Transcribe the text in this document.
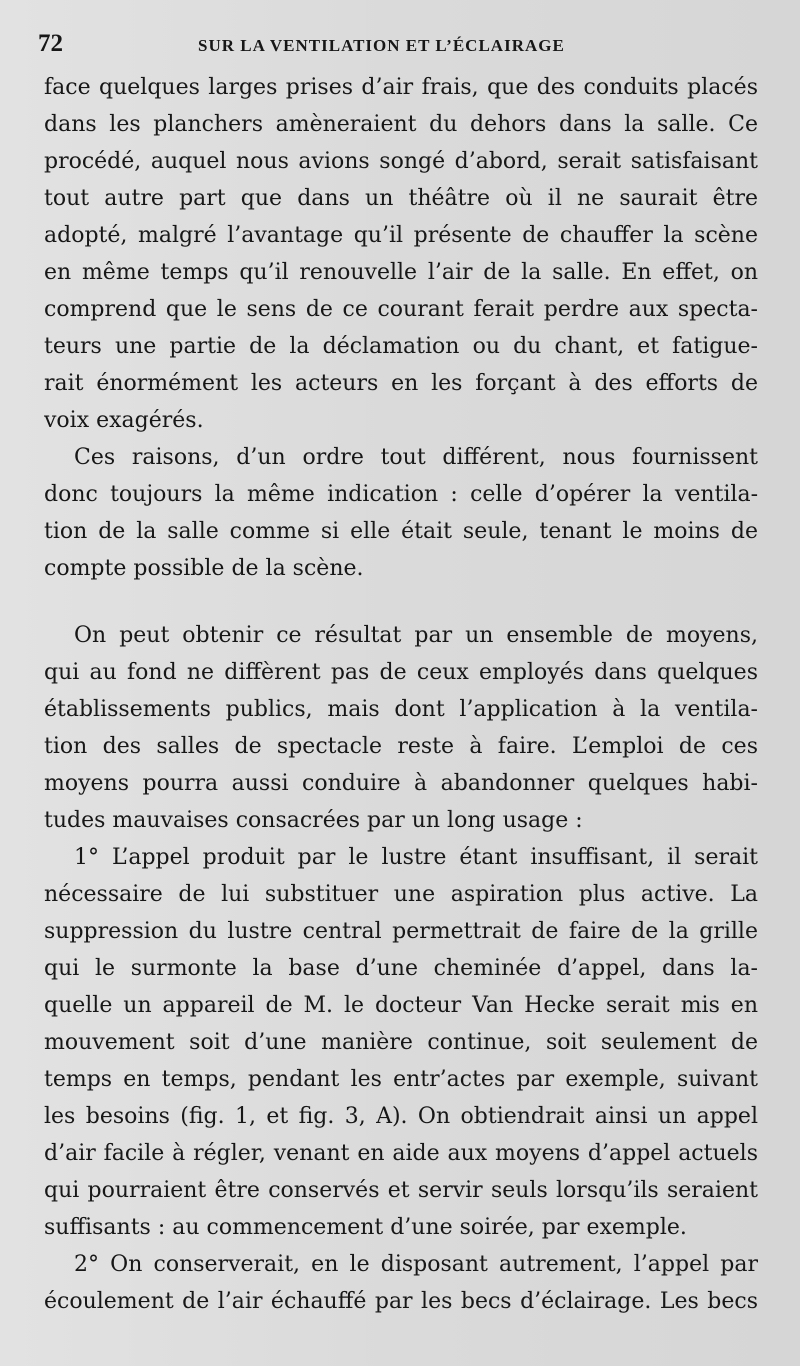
72	SUR LA VENTILATION ET L’ÉCLAIRAGE
face quelques larges prises d’air frais, que des conduits placés
dans les planchers amèneraient du dehors dans la salle. Ce
procédé, auquel nous avions songé d’abord, serait satisfaisant
tout autre part que dans un théâtre où il ne saurait être
adopté, malgré l’avantage qu’il présente de chauffer la scène
en même temps qu’il renouvelle l’air de la salle. En effet, on
comprend que le sens de ce courant ferait perdre aux specta-
teurs une partie de la déclamation ou du chant, et fatigue-
rait énormément les acteurs en les forçant à des efforts de
voix exagérés.
Ces raisons, d’un ordre tout différent, nous fournissent
donc toujours la même indication : celle d’opérer la ventila-
tion de la salle comme si elle était seule, tenant le moins de
compte possible de la scène.
On peut obtenir ce résultat par un ensemble de moyens,
qui au fond ne diffèrent pas de ceux employés dans quelques
établissements publics, mais dont l’application à la ventila-
tion des salles de spectacle reste à faire. L’emploi de ces
moyens pourra aussi conduire à abandonner quelques habi-
tudes mauvaises consacrées par un long usage :
1° L’appel produit par le lustre étant insuffisant, il serait
nécessaire de lui substituer une aspiration plus active. La
suppression du lustre central permettrait de faire de la grille
qui le surmonte la base d’une cheminée d’appel, dans la-
quelle un appareil de M. le docteur Van Hecke serait mis en
mouvement soit d’une manière continue, soit seulement de
temps en temps, pendant les entr’actes par exemple, suivant
les besoins (fig. 1, et fig. 3, A). On obtiendrait ainsi un appel
d’air facile à régler, venant en aide aux moyens d’appel actuels
qui pourraient être conservés et servir seuls lorsqu’ils seraient
suffisants : au commencement d’une soirée, par exemple.
2° On conserverait, en le disposant autrement, l’appel par
écoulement de l’air échauffé par les becs d’éclairage. Les becs
